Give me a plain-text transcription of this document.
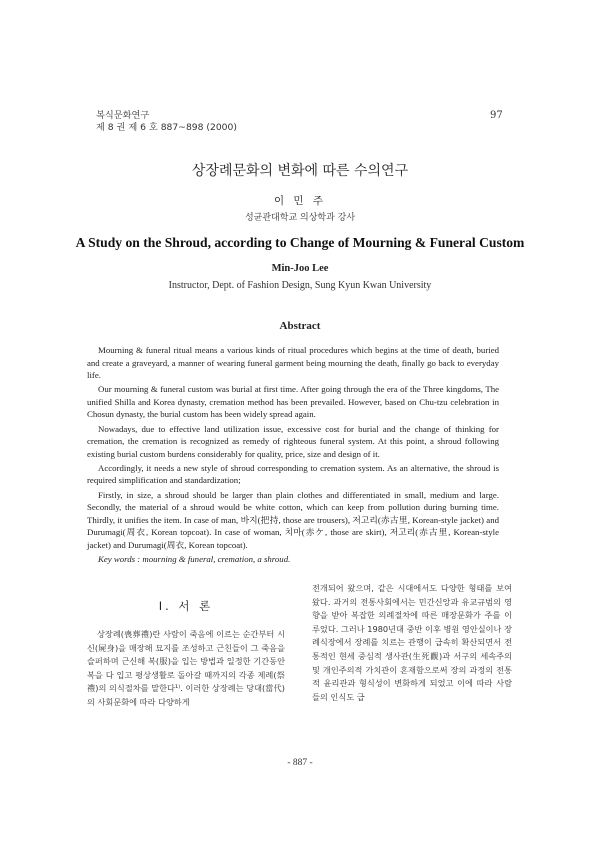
복식문화연구
제 8 권 제 6 호 887~898 (2000)
97
상장례문화의 변화에 따른 수의연구
이 민 주
성균관대학교 의상학과 강사
A Study on the Shroud, according to Change of Mourning & Funeral Custom
Min-Joo Lee
Instructor, Dept. of Fashion Design, Sung Kyun Kwan University
Abstract

Mourning & funeral ritual means a various kinds of ritual procedures which begins at the time of death, buried and create a graveyard, a manner of wearing funeral garment being mourning the death, finally go back to everyday life.

Our mourning & funeral custom was burial at first time. After going through the era of the Three kingdoms, The unified Shilla and Korea dynasty, cremation method has been prevailed. However, based on Chu-tzu celebration in Chosun dynasty, the burial custom has been widely spread again.

Nowadays, due to effective land utilization issue, excessive cost for burial and the change of thinking for cremation, the cremation is recognized as remedy of righteous funeral system. At this point, a shroud following existing burial custom burdens considerably for quality, price, size and design of it.

Accordingly, it needs a new style of shroud corresponding to cremation system. As an alternative, the shroud is required simplification and standardization;

Firstly, in size, a shroud should be larger than plain clothes and differentiated in small, medium and large. Secondly, the material of a shroud would be white cotton, which can keep from pollution during burning time. Thirdly, it unifies the item. In case of man, 바지(把持, those are trousers), 저고리(赤古里, Korean-style jacket) and Durumagi(周衣, Korean topcoat). In case of woman, 치마(赤ケ, those are skirt), 저고리(赤古里, Korean-style jacket) and Durumagi(周衣, Korean topcoat).

Key words : mourning & funeral, cremation, a shroud.

Ⅰ. 서 론
상장례(喪葬禮)란 사람이 죽음에 이르는 순간부터 시신(屍身)을 매장해 묘지를 조성하고 근친들이 그 죽음을 슬퍼하며 근신해 복(服)을 입는 방법과 일정한 기간동안 복을 다 입고 평상생활로 돌아갈 때까지의 각종 제례(祭禮)의 의식절차를 말한다¹⁾. 이러한 상장례는 당대(當代)의 사회문화에 따라 다양하게
전개되어 왔으며, 같은 시대에서도 다양한 형태를 보여왔다. 과거의 전통사회에서는 민간신앙과 유교규범의 영향을 받아 복잡한 의례절차에 따른 매장문화가 주를 이루었다. 그러나 1980년대 중반 이후 병원 영안실이나 장례식장에서 장례를 치르는 관행이 급속히 확산되면서 전통적인 현세 중심적 생사관(生死觀)과 서구의 세속주의 및 개인주의적 가치관이 혼재함으로써 장의 과정의 전통적 윤리관과 형식성이 변화하게 되었고 이에 따라 사람들의 인식도 급
- 887 -
